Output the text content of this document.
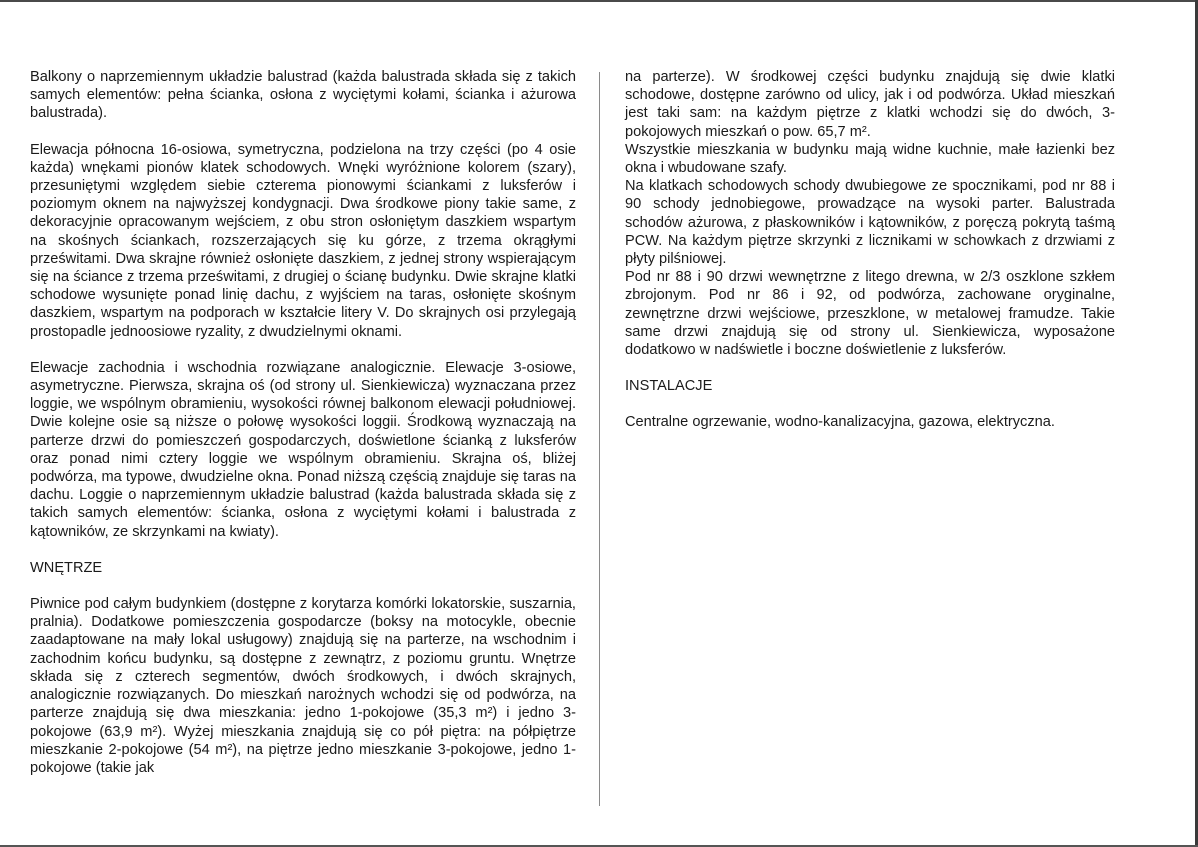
Balkony o naprzemiennym układzie balustrad (każda balustrada składa się z takich samych elementów: pełna ścianka, osłona z wyciętymi kołami, ścianka i ażurowa balustrada).

Elewacja północna 16-osiowa, symetryczna, podzielona na trzy części (po 4 osie każda) wnękami pionów klatek schodowych. Wnęki wyróżnione kolorem (szary), przesuniętymi względem siebie czterema pionowymi ściankami z luksferów i poziomym oknem na najwyższej kondygnacji. Dwa środkowe piony takie same, z dekoracyjnie opracowanym wejściem, z obu stron osłoniętym daszkiem wspartym na skośnych ściankach, rozszerzających się ku górze, z trzema okrągłymi prześwitami. Dwa skrajne również osłonięte daszkiem, z jednej strony wspierającym się na ściance z trzema prześwitami, z drugiej o ścianę budynku. Dwie skrajne klatki schodowe wysunięte ponad linię dachu, z wyjściem na taras, osłonięte skośnym daszkiem, wspartym na podporach w kształcie litery V. Do skrajnych osi przylegają prostopadle jednoosiowe ryzality, z dwudzielnymi oknami.

Elewacje zachodnia i wschodnia rozwiązane analogicznie. Elewacje 3-osiowe, asymetryczne. Pierwsza, skrajna oś (od strony ul. Sienkiewicza) wyznaczana przez loggie, we wspólnym obramieniu, wysokości równej balkonom elewacji południowej. Dwie kolejne osie są niższe o połowę wysokości loggii. Środkową wyznaczają na parterze drzwi do pomieszczeń gospodarczych, doświetlone ścianką z luksferów oraz ponad nimi cztery loggie we wspólnym obramieniu. Skrajna oś, bliżej podwórza, ma typowe, dwudzielne okna. Ponad niższą częścią znajduje się taras na dachu. Loggie o naprzemiennym układzie balustrad (każda balustrada składa się z takich samych elementów: ścianka, osłona z wyciętymi kołami i balustrada z kątowników, ze skrzynkami na kwiaty).

WNĘTRZE

Piwnice pod całym budynkiem (dostępne z korytarza komórki lokatorskie, suszarnia, pralnia). Dodatkowe pomieszczenia gospodarcze (boksy na motocykle, obecnie zaadaptowane na mały lokal usługowy) znajdują się na parterze, na wschodnim i zachodnim końcu budynku, są dostępne z zewnątrz, z poziomu gruntu. Wnętrze składa się z czterech segmentów, dwóch środkowych, i dwóch skrajnych, analogicznie rozwiązanych. Do mieszkań narożnych wchodzi się od podwórza, na parterze znajdują się dwa mieszkania: jedno 1-pokojowe (35,3 m²) i jedno 3-pokojowe (63,9 m²). Wyżej mieszkania znajdują się co pół piętra: na półpiętrze mieszkanie 2-pokojowe (54 m²), na piętrze jedno mieszkanie 3-pokojowe, jedno 1-pokojowe (takie jak

na parterze). W środkowej części budynku znajdują się dwie klatki schodowe, dostępne zarówno od ulicy, jak i od podwórza. Układ mieszkań jest taki sam: na każdym piętrze z klatki wchodzi się do dwóch, 3-pokojowych mieszkań o pow. 65,7 m².

Wszystkie mieszkania w budynku mają widne kuchnie, małe łazienki bez okna i wbudowane szafy.

Na klatkach schodowych schody dwubiegowe ze spocznikami, pod nr 88 i 90 schody jednobiegowe, prowadzące na wysoki parter. Balustrada schodów ażurowa, z płaskowników i kątowników, z poręczą pokrytą taśmą PCW. Na każdym piętrze skrzynki z licznikami w schowkach z drzwiami z płyty pilśniowej.

Pod nr 88 i 90 drzwi wewnętrzne z litego drewna, w 2/3 oszklone szkłem zbrojonym. Pod nr 86 i 92, od podwórza, zachowane oryginalne, zewnętrzne drzwi wejściowe, przeszklone, w metalowej framudze. Takie same drzwi znajdują się od strony ul. Sienkiewicza, wyposażone dodatkowo w nadświetle i boczne doświetlenie z luksferów.

INSTALACJE

Centralne ogrzewanie, wodno-kanalizacyjna, gazowa, elektryczna.
